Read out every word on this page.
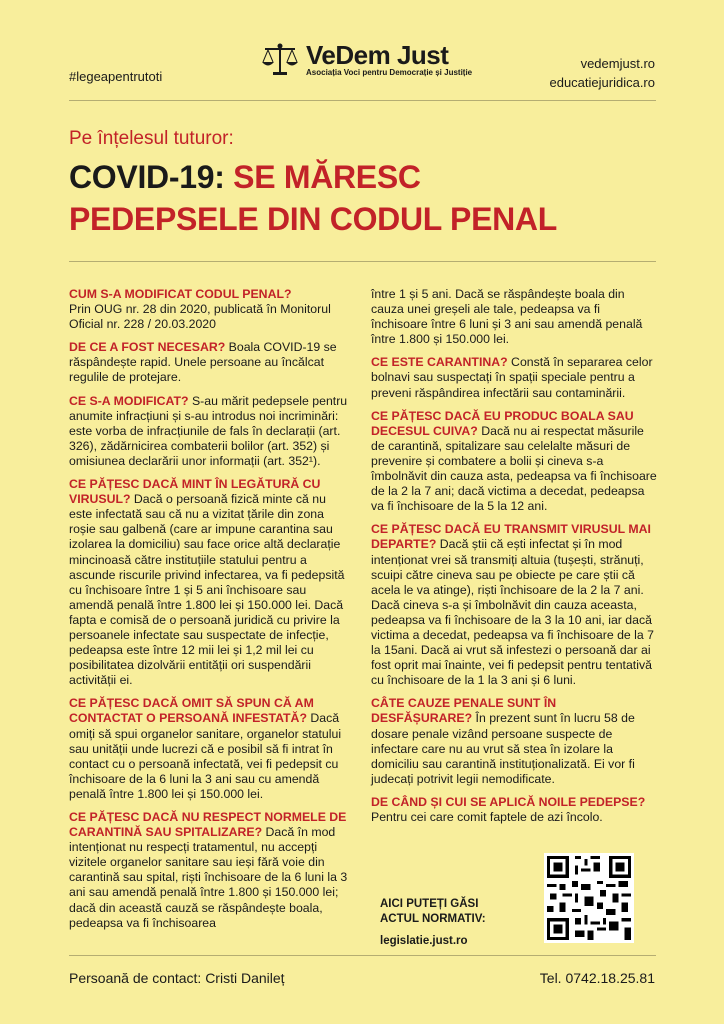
#legeapentrutoti
VeDem Just
Asociația Voci pentru Democrație și Justiție
vedemjust.ro
educatiejuridica.ro
Pe înțelesul tuturor:
COVID-19: SE MĂRESC
PEDEPSELE DIN CODUL PENAL

CUM S-A MODIFICAT CODUL PENAL?
Prin OUG nr. 28 din 2020, publicată în Monitorul Oficial nr. 228 / 20.03.2020

DE CE A FOST NECESAR? Boala COVID-19 se răspândește rapid. Unele persoane au încălcat regulile de protejare.

CE S-A MODIFICAT? S-au mărit pedepsele pentru anumite infracțiuni și s-au introdus noi incriminări: este vorba de infracțiunile de fals în declarații (art. 326), zădărnicirea combaterii bolilor (art. 352) și omisiunea declarării unor informații (art. 352¹).

CE PĂȚESC DACĂ MINT ÎN LEGĂTURĂ CU VIRUSUL? Dacă o persoană fizică minte că nu este infectată sau că nu a vizitat țările din zona roșie sau galbenă (care ar impune carantina sau izolarea la domiciliu) sau face orice altă declarație mincinoasă către instituțiile statului pentru a ascunde riscurile privind infectarea, va fi pedepsită cu închisoare între 1 și 5 ani închisoare sau amendă penală între 1.800 lei și 150.000 lei. Dacă fapta e comisă de o persoană juridică cu privire la persoanele infectate sau suspectate de infecție, pedeapsa este între 12 mii lei și 1,2 mil lei cu posibilitatea dizolvării entității ori suspendării activității ei.

CE PĂȚESC DACĂ OMIT SĂ SPUN CĂ AM CONTACTAT O PERSOANĂ INFESTATĂ? Dacă omiți să spui organelor sanitare, organelor statului sau unității unde lucrezi că e posibil să fi intrat în contact cu o persoană infectată, vei fi pedepsit cu închisoare de la 6 luni la 3 ani sau cu amendă penală între 1.800 lei și 150.000 lei.

CE PĂȚESC DACĂ NU RESPECT NORMELE DE CARANTINĂ SAU SPITALIZARE? Dacă în mod intenționat nu respecți tratamentul, nu accepți vizitele organelor sanitare sau ieși fără voie din carantină sau spital, riști închisoare de la 6 luni la 3 ani sau amendă penală între 1.800 și 150.000 lei; dacă din această cauză se răspândește boala, pedeapsa va fi închisoarea

între 1 și 5 ani. Dacă se răspândește boala din cauza unei greșeli ale tale, pedeapsa va fi închisoare între 6 luni și 3 ani sau amendă penală între 1.800 și 150.000 lei.

CE ESTE CARANTINA? Constă în separarea celor bolnavi sau suspectați în spații speciale pentru a preveni răspândirea infectării sau contaminării.

CE PĂȚESC DACĂ EU PRODUC BOALA SAU DECESUL CUIVA? Dacă nu ai respectat măsurile de carantină, spitalizare sau celelalte măsuri de prevenire și combatere a bolii și cineva s-a îmbolnăvit din cauza asta, pedeapsa va fi închisoare de la 2 la 7 ani; dacă victima a decedat, pedeapsa va fi închisoare de la 5 la 12 ani.

CE PĂȚESC DACĂ EU TRANSMIT VIRUSUL MAI DEPARTE? Dacă știi că ești infectat și în mod intenționat vrei să transmiți altuia (tușești, strănuți, scuipi către cineva sau pe obiecte pe care știi că acela le va atinge), riști închisoare de la 2 la 7 ani. Dacă cineva s-a și îmbolnăvit din cauza aceasta, pedeapsa va fi închisoare de la 3 la 10 ani, iar dacă victima a decedat, pedeapsa va fi închisoare de la 7 la 15ani. Dacă ai vrut să infestezi o persoană dar ai fost oprit mai înainte, vei fi pedepsit pentru tentativă cu închisoare de la 1 la 3 ani și 6 luni.

CÂTE CAUZE PENALE SUNT ÎN DESFĂȘURARE? În prezent sunt în lucru 58 de dosare penale vizând persoane suspecte de infectare care nu au vrut să stea în izolare la domiciliu sau carantină instituționalizată. Ei vor fi judecați potrivit legii nemodificate.

DE CÂND ȘI CUI SE APLICĂ NOILE PEDEPSE? Pentru cei care comit faptele de azi încolo.

AICI PUTEȚI GĂSI
ACTUL NORMATIV:
legislatie.just.ro
Persoană de contact: Cristi Danileț	Tel. 0742.18.25.81
